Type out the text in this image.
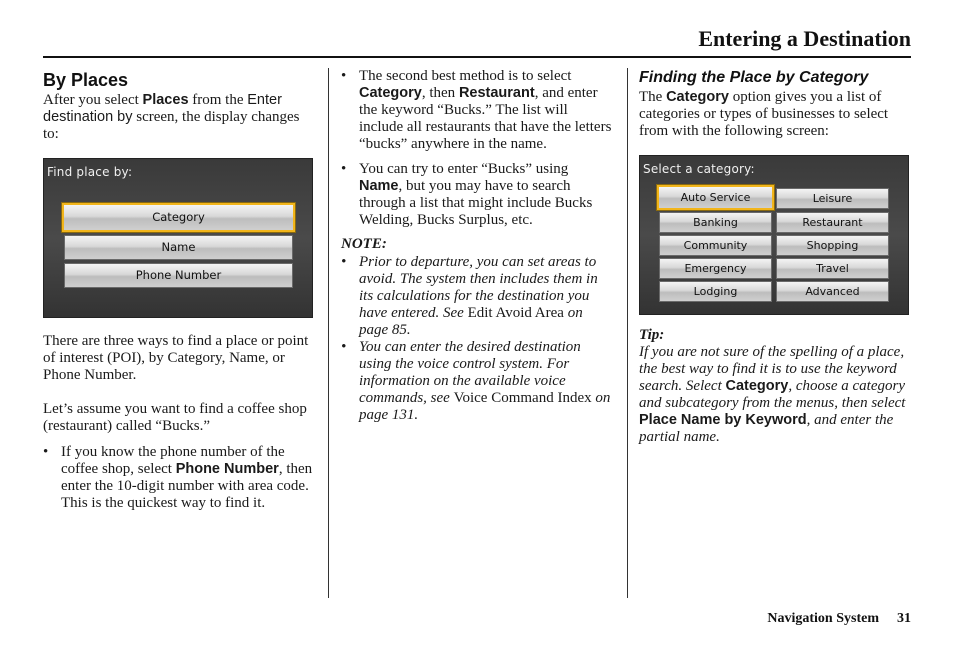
Entering a Destination
By Places

After you select Places from the Enter destination by screen, the display changes to:

Find place by:
Category
Name
Phone Number

There are three ways to find a place or point of interest (POI), by Category, Name, or Phone Number.

Let’s assume you want to find a coffee shop (restaurant) called “Bucks.”

• If you know the phone number of the coffee shop, select Phone Number, then enter the 10-digit number with area code. This is the quickest way to find it.
• The second best method is to select Category, then Restaurant, and enter the keyword “Bucks.” The list will include all restaurants that have the letters “bucks” anywhere in the name.
• You can try to enter “Bucks” using Name, but you may have to search through a list that might include Bucks Welding, Bucks Surplus, etc.
NOTE:
• Prior to departure, you can set areas to avoid. The system then includes them in its calculations for the destination you have entered. See Edit Avoid Area on page 85.
• You can enter the desired destination using the voice control system. For information on the available voice commands, see Voice Command Index on page 131.
Finding the Place by Category

The Category option gives you a list of categories or types of businesses to select from with the following screen:

Select a category:
Auto Service
Banking
Community
Emergency
Lodging
Leisure
Restaurant
Shopping
Travel
Advanced
Tip:

If you are not sure of the spelling of a place, the best way to find it is to use the keyword search. Select Category, choose a category and subcategory from the menus, then select Place Name by Keyword, and enter the partial name.

Navigation System 31
